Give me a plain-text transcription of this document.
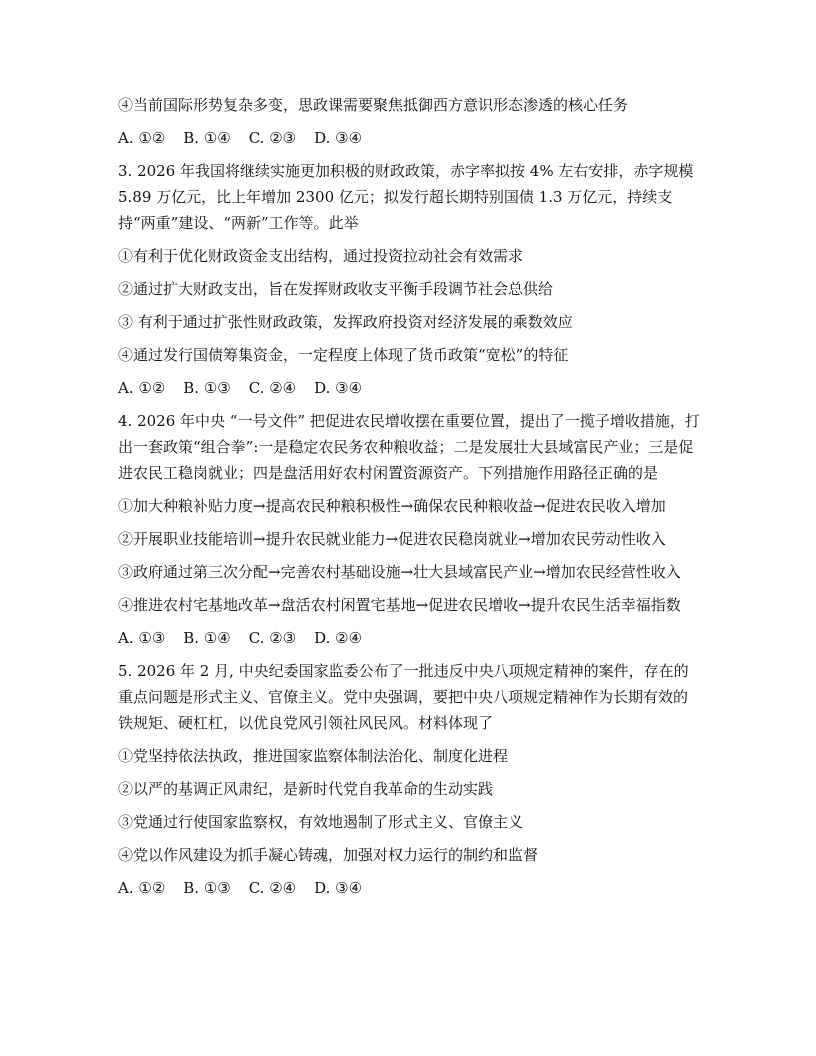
④当前国际形势复杂多变，思政课需要聚焦抵御西方意识形态渗透的核心任务

A. ①② B. ①④ C. ②③ D. ③④

3. 2026 年我国将继续实施更加积极的财政政策，赤字率拟按 4% 左右安排，赤字规模 5.89 万亿元，比上年增加 2300 亿元；拟发行超长期特别国债 1.3 万亿元，持续支持“两重”建设、“两新”工作等。此举

①有利于优化财政资金支出结构，通过投资拉动社会有效需求

②通过扩大财政支出，旨在发挥财政收支平衡手段调节社会总供给

③ 有利于通过扩张性财政政策，发挥政府投资对经济发展的乘数效应

④通过发行国债筹集资金，一定程度上体现了货币政策“宽松”的特征

A. ①② B. ①③ C. ②④ D. ③④

4. 2026 年中央 “一号文件” 把促进农民增收摆在重要位置，提出了一揽子增收措施，打出一套政策“组合拳”:一是稳定农民务农种粮收益；二是发展壮大县域富民产业；三是促进农民工稳岗就业；四是盘活用好农村闲置资源资产。下列措施作用路径正确的是

①加大种粮补贴力度→提高农民种粮积极性→确保农民种粮收益→促进农民收入增加

②开展职业技能培训→提升农民就业能力→促进农民稳岗就业→增加农民劳动性收入

③政府通过第三次分配→完善农村基础设施→壮大县域富民产业→增加农民经营性收入

④推进农村宅基地改革→盘活农村闲置宅基地→促进农民增收→提升农民生活幸福指数

A. ①③ B. ①④ C. ②③ D. ②④

5. 2026 年 2 月, 中央纪委国家监委公布了一批违反中央八项规定精神的案件，存在的重点问题是形式主义、官僚主义。党中央强调，要把中央八项规定精神作为长期有效的铁规矩、硬杠杠，以优良党风引领社风民风。材料体现了

①党坚持依法执政，推进国家监察体制法治化、制度化进程

②以严的基调正风肃纪，是新时代党自我革命的生动实践

③党通过行使国家监察权，有效地遏制了形式主义、官僚主义

④党以作风建设为抓手凝心铸魂，加强对权力运行的制约和监督

A. ①② B. ①③ C. ②④ D. ③④
